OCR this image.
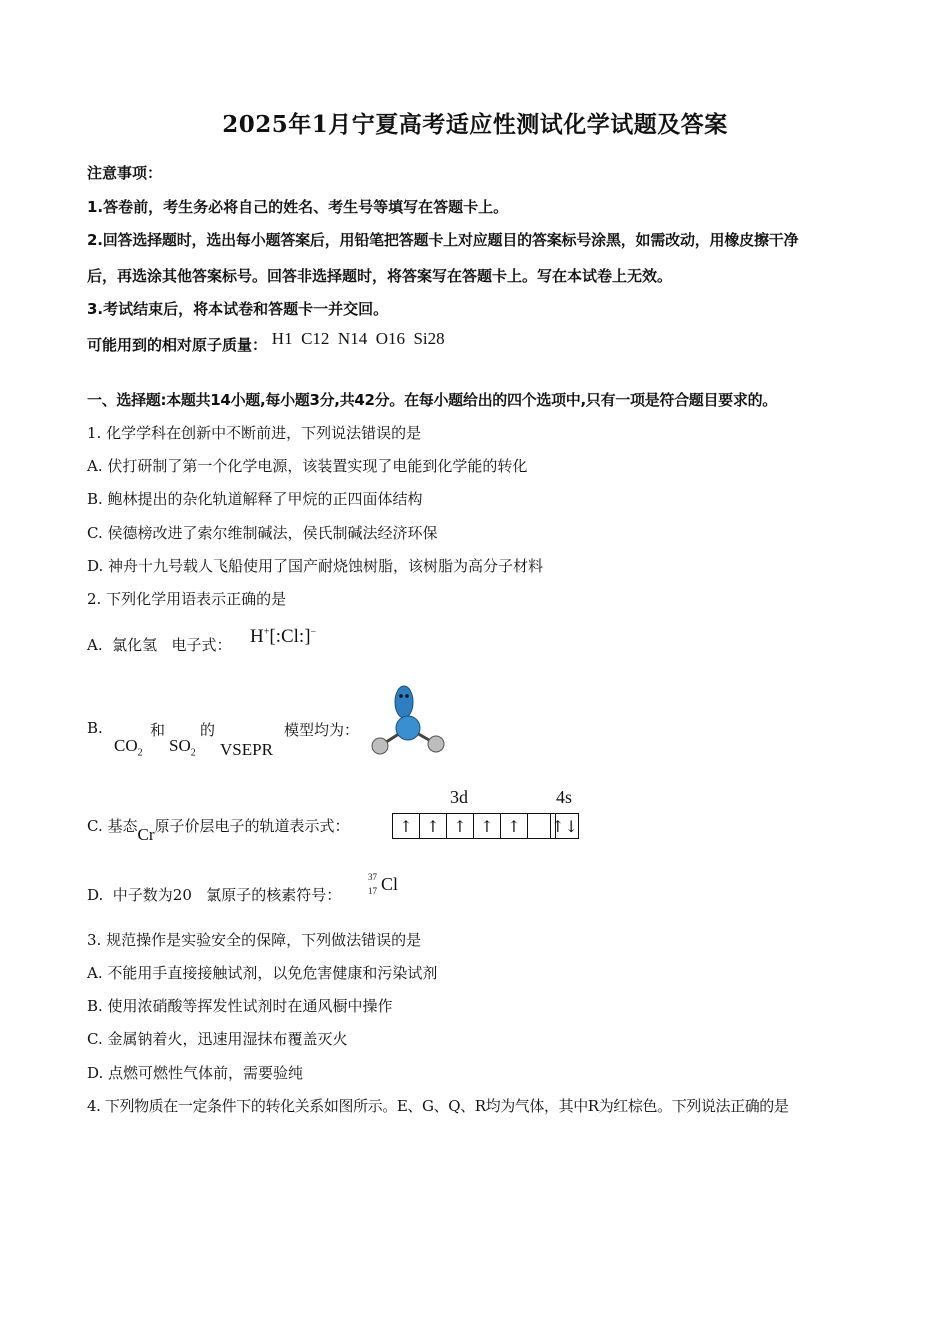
2025年1月宁夏高考适应性测试化学试题及答案
注意事项：
1.答卷前，考生务必将自己的姓名、考生号等填写在答题卡上。
2.回答选择题时，选出每小题答案后，用铅笔把答题卡上对应题目的答案标号涂黑，如需改动，用橡皮擦干净
后，再选涂其他答案标号。回答非选择题时，将答案写在答题卡上。写在本试卷上无效。
3.考试结束后，将本试卷和答题卡一并交回。
可能用到的相对原子质量： H1  C12  N14  O16  Si28
一、选择题:本题共14小题,每小题3分,共42分。在每小题给出的四个选项中,只有一项是符合题目要求的。
1. 化学学科在创新中不断前进，下列说法错误的是
A. 伏打研制了第一个化学电源，该装置实现了电能到化学能的转化
B. 鲍林提出的杂化轨道解释了甲烷的正四面体结构
C. 侯德榜改进了索尔维制碱法，侯氏制碱法经济环保
D. 神舟十九号载人飞船使用了国产耐烧蚀树脂，该树脂为高分子材料
2. 下列化学用语表示正确的是
A.  氯化氢   电子式： H+[:Cl:]−
B.	和 的	模型均为：
$CO_2$ $SO_2$ VSEPR
C. 基态Cr原子价层电子的轨道表示式：
3d	4s
↑ ↑ ↑ ↑ ↑	↑↓
D.  中子数为20   氯原子的核素符号：
37
17 Cl
3. 规范操作是实验安全的保障，下列做法错误的是
A. 不能用手直接接触试剂，以免危害健康和污染试剂
B. 使用浓硝酸等挥发性试剂时在通风橱中操作
C. 金属钠着火，迅速用湿抹布覆盖灭火
D. 点燃可燃性气体前，需要验纯
4. 下列物质在一定条件下的转化关系如图所示。E、G、Q、R均为气体，其中R为红棕色。下列说法正确的是
